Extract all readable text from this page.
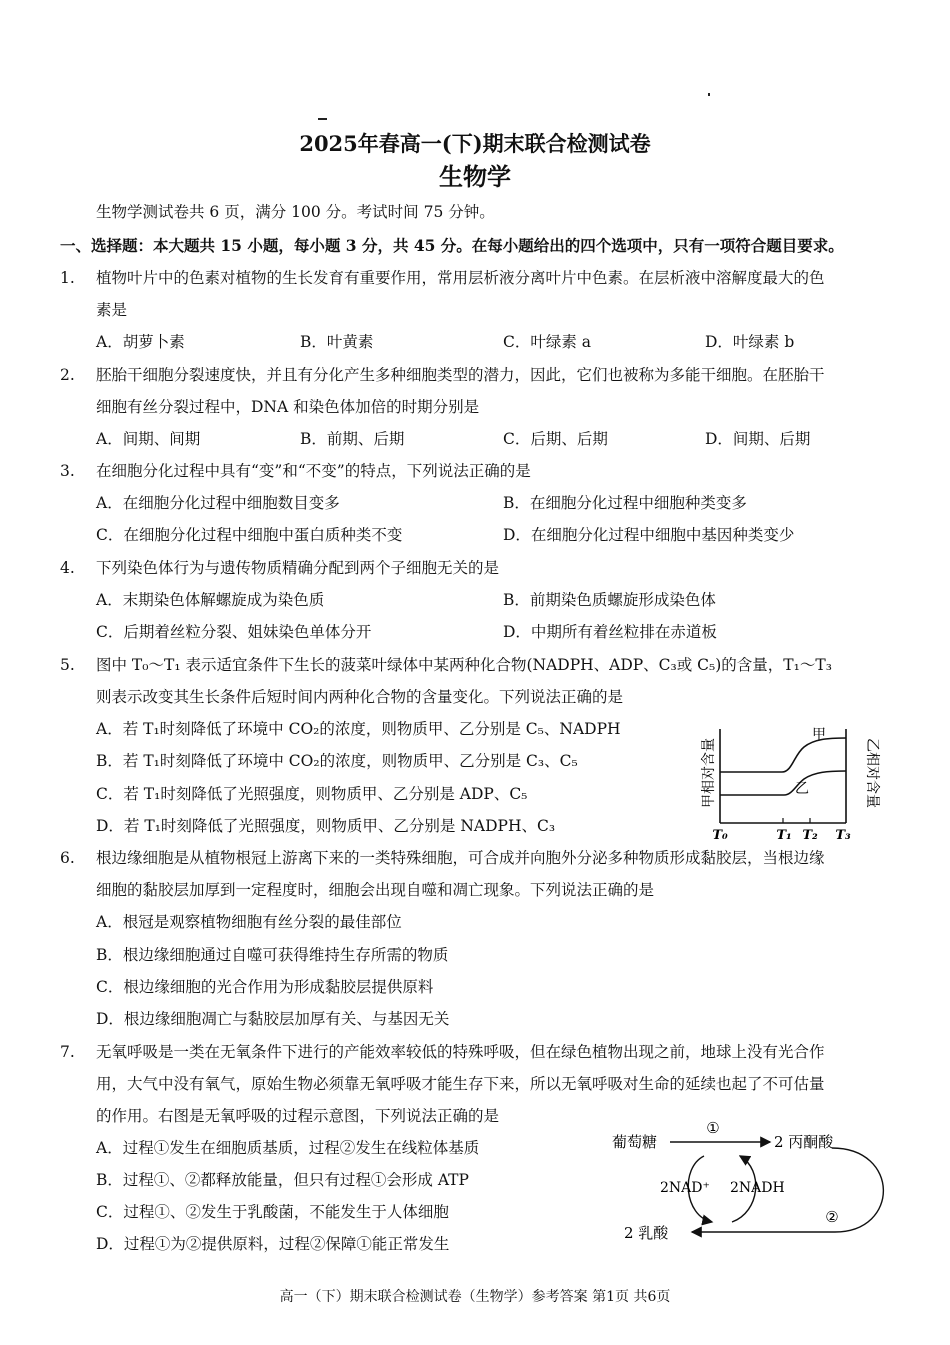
2025年春高一(下)期末联合检测试卷
生物学
生物学测试卷共 6 页，满分 100 分。考试时间 75 分钟。
一、选择题：本大题共 15 小题，每小题 3 分，共 45 分。在每小题给出的四个选项中，只有一项符合题目要求。
1. 植物叶片中的色素对植物的生长发育有重要作用，常用层析液分离叶片中色素。在层析液中溶解度最大的色
素是
A．胡萝卜素	B．叶黄素	C．叶绿素 a	D．叶绿素 b
2. 胚胎干细胞分裂速度快，并且有分化产生多种细胞类型的潜力，因此，它们也被称为多能干细胞。在胚胎干
细胞有丝分裂过程中，DNA 和染色体加倍的时期分别是
A．间期、间期	B．前期、后期	C．后期、后期	D．间期、后期
3. 在细胞分化过程中具有“变”和“不变”的特点，下列说法正确的是
A．在细胞分化过程中细胞数目变多	B．在细胞分化过程中细胞种类变多
C．在细胞分化过程中细胞中蛋白质种类不变	D．在细胞分化过程中细胞中基因种类变少
4. 下列染色体行为与遗传物质精确分配到两个子细胞无关的是
A．末期染色体解螺旋成为染色质	B．前期染色质螺旋形成染色体
C．后期着丝粒分裂、姐妹染色单体分开	D．中期所有着丝粒排在赤道板
5. 图中 T₀～T₁ 表示适宜条件下生长的菠菜叶绿体中某两种化合物(NADPH、ADP、C₃或 C₅)的含量，T₁～T₃
则表示改变其生长条件后短时间内两种化合物的含量变化。下列说法正确的是
A．若 T₁时刻降低了环境中 CO₂的浓度，则物质甲、乙分别是 C₅、NADPH
B．若 T₁时刻降低了环境中 CO₂的浓度，则物质甲、乙分别是 C₃、C₅
C．若 T₁时刻降低了光照强度，则物质甲、乙分别是 ADP、C₅
D．若 T₁时刻降低了光照强度，则物质甲、乙分别是 NADPH、C₃
甲相对含量	乙相对含量
甲
乙
T₀	T₁ T₂ T₃
6. 根边缘细胞是从植物根冠上游离下来的一类特殊细胞，可合成并向胞外分泌多种物质形成黏胶层，当根边缘
细胞的黏胶层加厚到一定程度时，细胞会出现自噬和凋亡现象。下列说法正确的是
A．根冠是观察植物细胞有丝分裂的最佳部位
B．根边缘细胞通过自噬可获得维持生存所需的物质
C．根边缘细胞的光合作用为形成黏胶层提供原料
D．根边缘细胞凋亡与黏胶层加厚有关、与基因无关
7. 无氧呼吸是一类在无氧条件下进行的产能效率较低的特殊呼吸，但在绿色植物出现之前，地球上没有光合作
用，大气中没有氧气，原始生物必须靠无氧呼吸才能生存下来，所以无氧呼吸对生命的延续也起了不可估量
的作用。右图是无氧呼吸的过程示意图，下列说法正确的是
A．过程①发生在细胞质基质，过程②发生在线粒体基质
B．过程①、②都释放能量，但只有过程①会形成 ATP
C．过程①、②发生于乳酸菌，不能发生于人体细胞
D．过程①为②提供原料，过程②保障①能正常发生
葡萄糖
①
2 丙酮酸
②
2 乳酸
2NAD⁺ 2NADH
高一（下）期末联合检测试卷（生物学）参考答案 第1页 共6页
